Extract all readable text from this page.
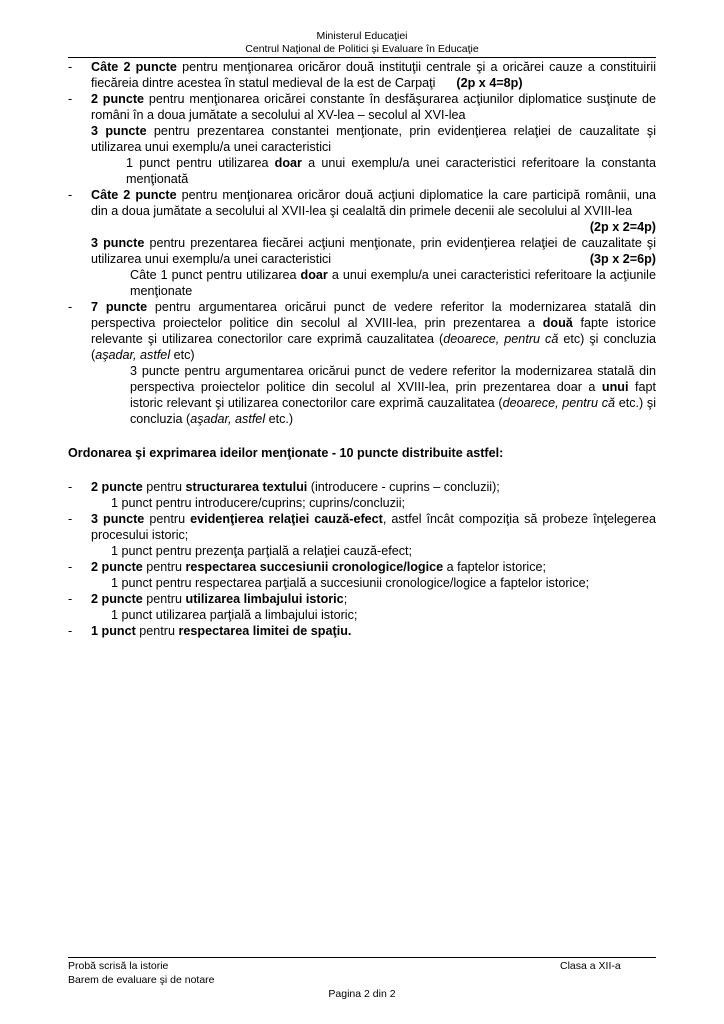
Ministerul Educaţiei
Centrul Naţional de Politici şi Evaluare în Educaţie
- Câte 2 puncte pentru menţionarea oricăror două instituţii centrale şi a oricărei cauze a constituirii fiecăreia dintre acestea în statul medieval de la est de Carpaţi (2p x 4=8p)
- 2 puncte pentru menţionarea oricărei constante în desfăşurarea acţiunilor diplomatice susţinute de români în a doua jumătate a secolului al XV-lea – secolul al XVI-lea
3 puncte pentru prezentarea constantei menţionate, prin evidenţierea relaţiei de cauzalitate şi utilizarea unui exemplu/a unei caracteristici
1 punct pentru utilizarea doar a unui exemplu/a unei caracteristici referitoare la constanta menţionată
- Câte 2 puncte pentru menţionarea oricăror două acţiuni diplomatice la care participă românii, una din a doua jumătate a secolului al XVII-lea şi cealaltă din primele decenii ale secolului al XVIII-lea
(2p x 2=4p)
3 puncte pentru prezentarea fiecărei acţiuni menţionate, prin evidenţierea relaţiei de cauzalitate şi utilizarea unui exemplu/a unei caracteristici	(3p x 2=6p)
Câte 1 punct pentru utilizarea doar a unui exemplu/a unei caracteristici referitoare la acţiunile menţionate
- 7 puncte pentru argumentarea oricărui punct de vedere referitor la modernizarea statală din perspectiva proiectelor politice din secolul al XVIII-lea, prin prezentarea a două fapte istorice relevante şi utilizarea conectorilor care exprimă cauzalitatea (deoarece, pentru că etc) şi concluzia (aşadar, astfel etc)
3 puncte pentru argumentarea oricărui punct de vedere referitor la modernizarea statală din perspectiva proiectelor politice din secolul al XVIII-lea, prin prezentarea doar a unui fapt istoric relevant şi utilizarea conectorilor care exprimă cauzalitatea (deoarece, pentru că etc.) şi concluzia (aşadar, astfel etc.)
Ordonarea şi exprimarea ideilor menţionate - 10 puncte distribuite astfel:
- 2 puncte pentru structurarea textului (introducere - cuprins – concluzii);
1 punct pentru introducere/cuprins; cuprins/concluzii;
- 3 puncte pentru evidenţierea relaţiei cauză-efect, astfel încât compoziţia să probeze înţelegerea procesului istoric;
1 punct pentru prezenţa parţială a relaţiei cauză-efect;
- 2 puncte pentru respectarea succesiunii cronologice/logice a faptelor istorice;
1 punct pentru respectarea parţială a succesiunii cronologice/logice a faptelor istorice;
- 2 puncte pentru utilizarea limbajului istoric;
1 punct utilizarea parţială a limbajului istoric;
- 1 punct pentru respectarea limitei de spaţiu.
Probă scrisă la istorie
Barem de evaluare şi de notare
Clasa a XII-a
Pagina 2 din 2
